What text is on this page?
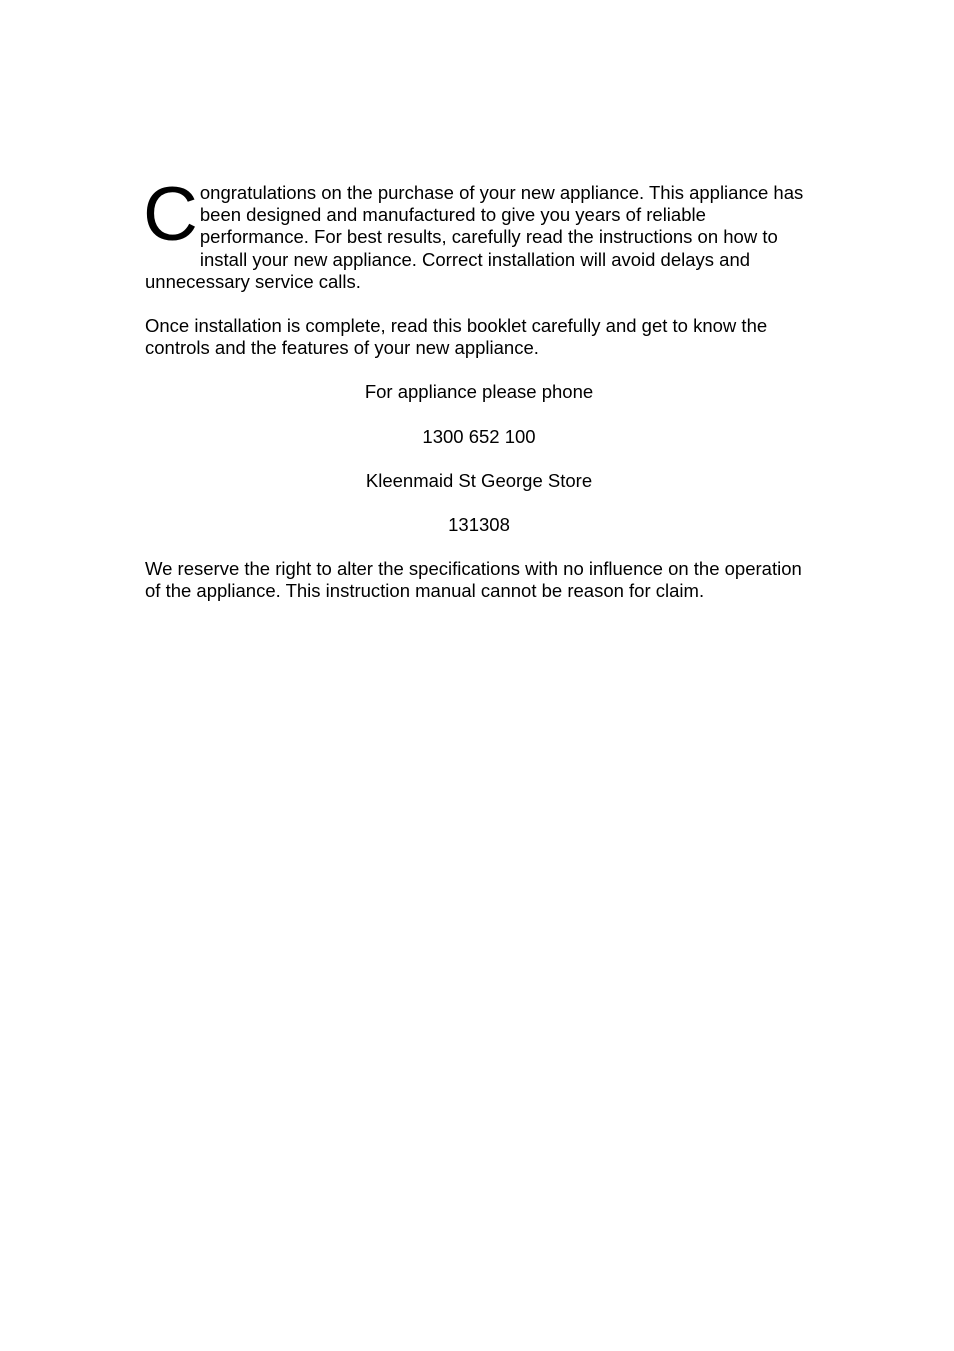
Congratulations on the purchase of your new appliance. This appliance has been designed and manufactured to give you years of reliable performance. For best results, carefully read the instructions on how to install your new appliance. Correct installation will avoid delays and unnecessary service calls.

Once installation is complete, read this booklet carefully and get to know the controls and the features of your new appliance.

For appliance please phone

1300 652 100

Kleenmaid St George Store

131308

We reserve the right to alter the specifications with no influence on the operation of the appliance. This instruction manual cannot be reason for claim.
